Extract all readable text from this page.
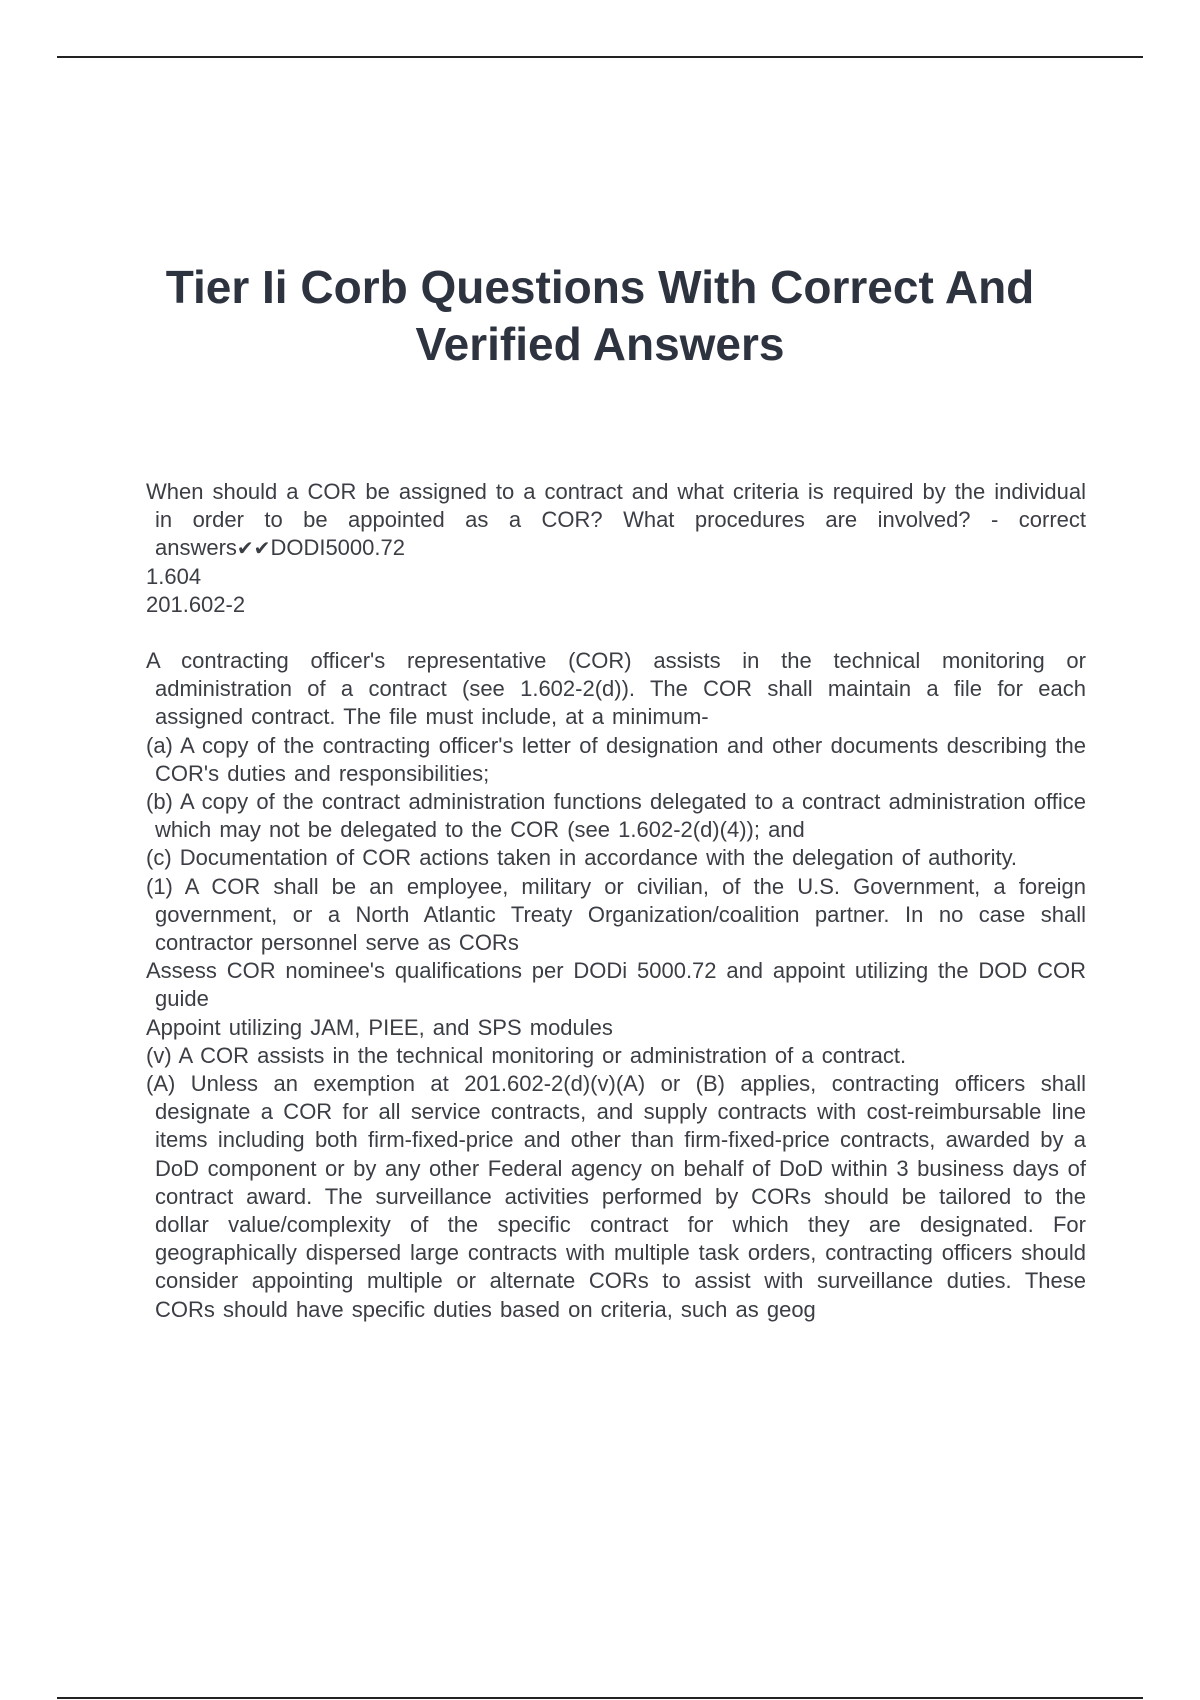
Tier Ii Corb Questions With Correct And Verified Answers

When should a COR be assigned to a contract and what criteria is required by the individual in order to be appointed as a COR? What procedures are involved? - correct answers✔✔DODI5000.72

1.604

201.602-2

A contracting officer's representative (COR) assists in the technical monitoring or administration of a contract (see 1.602-2(d)). The COR shall maintain a file for each assigned contract. The file must include, at a minimum-

(a) A copy of the contracting officer's letter of designation and other documents describing the COR's duties and responsibilities;

(b) A copy of the contract administration functions delegated to a contract administration office which may not be delegated to the COR (see 1.602-2(d)(4)); and

(c) Documentation of COR actions taken in accordance with the delegation of authority.

(1) A COR shall be an employee, military or civilian, of the U.S. Government, a foreign government, or a North Atlantic Treaty Organization/coalition partner. In no case shall contractor personnel serve as CORs

Assess COR nominee's qualifications per DODi 5000.72 and appoint utilizing the DOD COR guide

Appoint utilizing JAM, PIEE, and SPS modules

(v) A COR assists in the technical monitoring or administration of a contract.

(A) Unless an exemption at 201.602-2(d)(v)(A) or (B) applies, contracting officers shall designate a COR for all service contracts, and supply contracts with cost-reimbursable line items including both firm-fixed-price and other than firm-fixed-price contracts, awarded by a DoD component or by any other Federal agency on behalf of DoD within 3 business days of contract award. The surveillance activities performed by CORs should be tailored to the dollar value/complexity of the specific contract for which they are designated. For geographically dispersed large contracts with multiple task orders, contracting officers should consider appointing multiple or alternate CORs to assist with surveillance duties. These CORs should have specific duties based on criteria, such as geog
